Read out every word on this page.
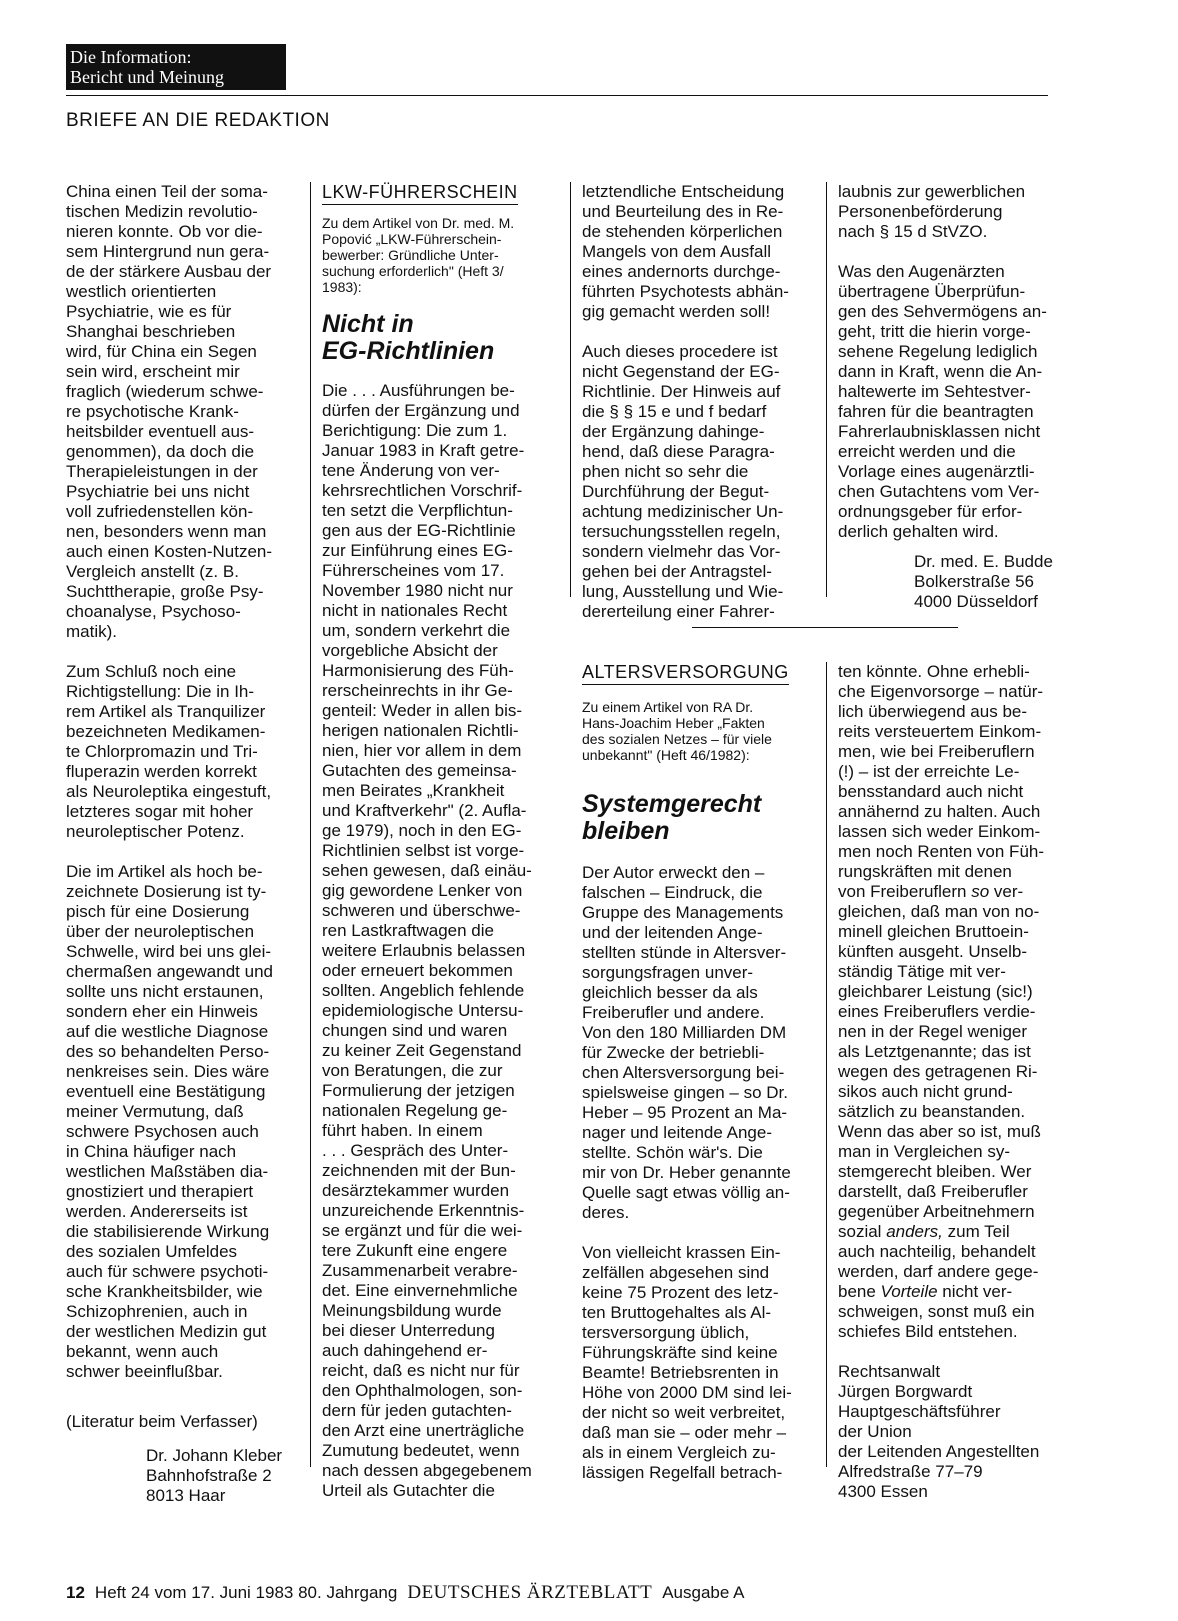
Die Information:
Bericht und Meinung
BRIEFE AN DIE REDAKTION

China einen Teil der soma-
tischen Medizin revolutio-
nieren konnte. Ob vor die-
sem Hintergrund nun gera-
de der stärkere Ausbau der
westlich orientierten
Psychiatrie, wie es für
Shanghai beschrieben
wird, für China ein Segen
sein wird, erscheint mir
fraglich (wiederum schwe-
re psychotische Krank-
heitsbilder eventuell aus-
genommen), da doch die
Therapieleistungen in der
Psychiatrie bei uns nicht
voll zufriedenstellen kön-
nen, besonders wenn man
auch einen Kosten-Nutzen-
Vergleich anstellt (z. B.
Suchttherapie, große Psy-
choanalyse, Psychoso-
matik).

Zum Schluß noch eine
Richtigstellung: Die in Ih-
rem Artikel als Tranquilizer
bezeichneten Medikamen-
te Chlorpromazin und Tri-
fluperazin werden korrekt
als Neuroleptika eingestuft,
letzteres sogar mit hoher
neuroleptischer Potenz.

Die im Artikel als hoch be-
zeichnete Dosierung ist ty-
pisch für eine Dosierung
über der neuroleptischen
Schwelle, wird bei uns glei-
chermaßen angewandt und
sollte uns nicht erstaunen,
sondern eher ein Hinweis
auf die westliche Diagnose
des so behandelten Perso-
nenkreises sein. Dies wäre
eventuell eine Bestätigung
meiner Vermutung, daß
schwere Psychosen auch
in China häufiger nach
westlichen Maßstäben dia-
gnostiziert und therapiert
werden. Andererseits ist
die stabilisierende Wirkung
des sozialen Umfeldes
auch für schwere psychoti-
sche Krankheitsbilder, wie
Schizophrenien, auch in
der westlichen Medizin gut
bekannt, wenn auch
schwer beeinflußbar.

(Literatur beim Verfasser)
Dr. Johann Kleber
Bahnhofstraße 2
8013 Haar
LKW-FÜHRERSCHEIN
Zu dem Artikel von Dr. med. M.
Popović „LKW-Führerschein-
bewerber: Gründliche Unter-
suchung erforderlich" (Heft 3/
1983):
Nicht in
EG-Richtlinien

Die . . . Ausführungen be-
dürfen der Ergänzung und
Berichtigung: Die zum 1.
Januar 1983 in Kraft getre-
tene Änderung von ver-
kehrsrechtlichen Vorschrif-
ten setzt die Verpflichtun-
gen aus der EG-Richtlinie
zur Einführung eines EG-
Führerscheines vom 17.
November 1980 nicht nur
nicht in nationales Recht
um, sondern verkehrt die
vorgebliche Absicht der
Harmonisierung des Füh-
rerscheinrechts in ihr Ge-
genteil: Weder in allen bis-
herigen nationalen Richtli-
nien, hier vor allem in dem
Gutachten des gemeinsa-
men Beirates „Krankheit
und Kraftverkehr" (2. Aufla-
ge 1979), noch in den EG-
Richtlinien selbst ist vorge-
sehen gewesen, daß einäu-
gig gewordene Lenker von
schweren und überschwe-
ren Lastkraftwagen die
weitere Erlaubnis belassen
oder erneuert bekommen
sollten. Angeblich fehlende
epidemiologische Untersu-
chungen sind und waren
zu keiner Zeit Gegenstand
von Beratungen, die zur
Formulierung der jetzigen
nationalen Regelung ge-
führt haben. In einem
. . . Gespräch des Unter-
zeichnenden mit der Bun-
desärztekammer wurden
unzureichende Erkenntnis-
se ergänzt und für die wei-
tere Zukunft eine engere
Zusammenarbeit verabre-
det. Eine einvernehmliche
Meinungsbildung wurde
bei dieser Unterredung
auch dahingehend er-
reicht, daß es nicht nur für
den Ophthalmologen, son-
dern für jeden gutachten-
den Arzt eine unerträgliche
Zumutung bedeutet, wenn
nach dessen abgegebenem
Urteil als Gutachter die

letztendliche Entscheidung
und Beurteilung des in Re-
de stehenden körperlichen
Mangels von dem Ausfall
eines andernorts durchge-
führten Psychotests abhän-
gig gemacht werden soll!

Auch dieses procedere ist
nicht Gegenstand der EG-
Richtlinie. Der Hinweis auf
die § § 15 e und f bedarf
der Ergänzung dahinge-
hend, daß diese Paragra-
phen nicht so sehr die
Durchführung der Begut-
achtung medizinischer Un-
tersuchungsstellen regeln,
sondern vielmehr das Vor-
gehen bei der Antragstel-
lung, Ausstellung und Wie-
dererteilung einer Fahrer-

laubnis zur gewerblichen
Personenbeförderung
nach § 15 d StVZO.

Was den Augenärzten
übertragene Überprüfun-
gen des Sehvermögens an-
geht, tritt die hierin vorge-
sehene Regelung lediglich
dann in Kraft, wenn die An-
haltewerte im Sehtestver-
fahren für die beantragten
Fahrerlaubnisklassen nicht
erreicht werden und die
Vorlage eines augenärztli-
chen Gutachtens vom Ver-
ordnungsgeber für erfor-
derlich gehalten wird.

Dr. med. E. Budde
Bolkerstraße 56
4000 Düsseldorf
ALTERSVERSORGUNG
Zu einem Artikel von RA Dr.
Hans-Joachim Heber „Fakten
des sozialen Netzes – für viele
unbekannt" (Heft 46/1982):
Systemgerecht
bleiben

Der Autor erweckt den –
falschen – Eindruck, die
Gruppe des Managements
und der leitenden Ange-
stellten stünde in Altersver-
sorgungsfragen unver-
gleichlich besser da als
Freiberufler und andere.
Von den 180 Milliarden DM
für Zwecke der betriebli-
chen Altersversorgung bei-
spielsweise gingen – so Dr.
Heber – 95 Prozent an Ma-
nager und leitende Ange-
stellte. Schön wär's. Die
mir von Dr. Heber genannte
Quelle sagt etwas völlig an-
deres.

Von vielleicht krassen Ein-
zelfällen abgesehen sind
keine 75 Prozent des letz-
ten Bruttogehaltes als Al-
tersversorgung üblich,
Führungskräfte sind keine
Beamte! Betriebsrenten in
Höhe von 2000 DM sind lei-
der nicht so weit verbreitet,
daß man sie – oder mehr –
als in einem Vergleich zu-
lässigen Regelfall betrach-

ten könnte. Ohne erhebli-
che Eigenvorsorge – natür-
lich überwiegend aus be-
reits versteuertem Einkom-
men, wie bei Freiberuflern
(!) – ist der erreichte Le-
bensstandard auch nicht
annähernd zu halten. Auch
lassen sich weder Einkom-
men noch Renten von Füh-
rungskräften mit denen
von Freiberuflern so ver-
gleichen, daß man von no-
minell gleichen Bruttoein-
künften ausgeht. Unselb-
ständig Tätige mit ver-
gleichbarer Leistung (sic!)
eines Freiberuflers verdie-
nen in der Regel weniger
als Letztgenannte; das ist
wegen des getragenen Ri-
sikos auch nicht grund-
sätzlich zu beanstanden.
Wenn das aber so ist, muß
man in Vergleichen sy-
stemgerecht bleiben. Wer
darstellt, daß Freiberufler
gegenüber Arbeitnehmern
sozial anders, zum Teil
auch nachteilig, behandelt
werden, darf andere gege-
bene Vorteile nicht ver-
schweigen, sonst muß ein
schiefes Bild entstehen.

Rechtsanwalt
Jürgen Borgwardt
Hauptgeschäftsführer
der Union
der Leitenden Angestellten
Alfredstraße 77–79
4300 Essen
12 Heft 24 vom 17. Juni 1983 80. Jahrgang DEUTSCHES ÄRZTEBLATT Ausgabe A
